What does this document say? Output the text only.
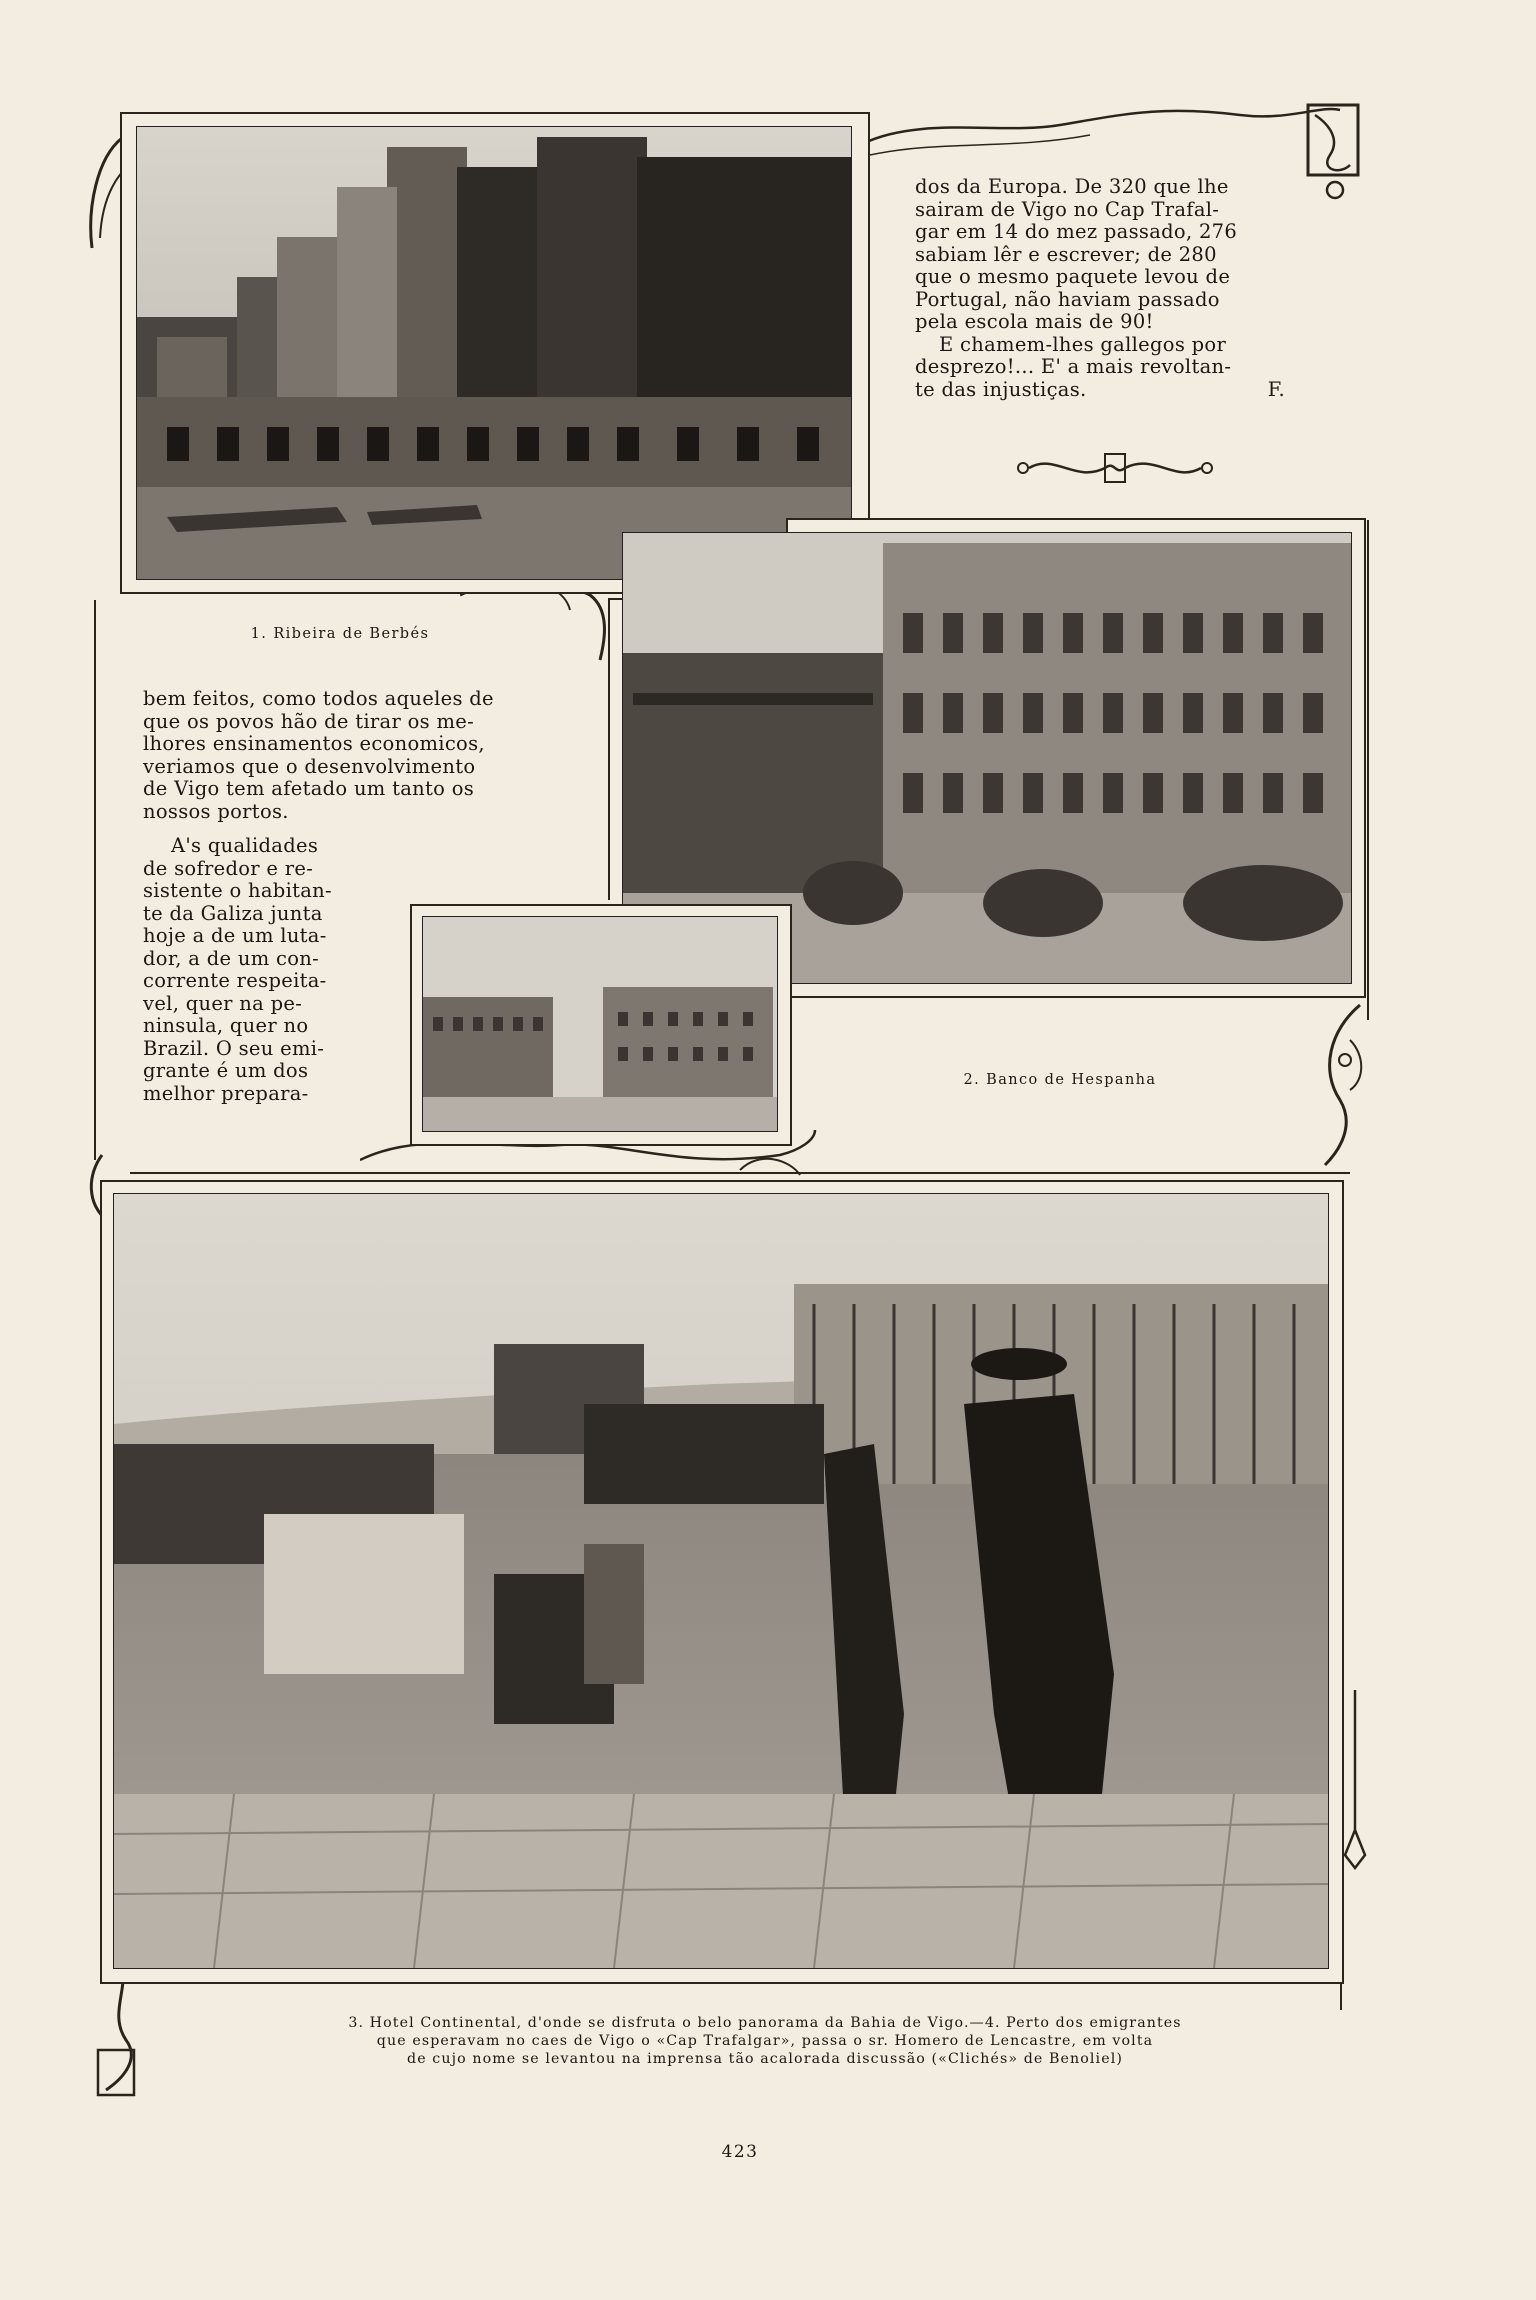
1. Ribeira de Berbés

dos da Europa. De 320 que lhe

sairam de Vigo no Cap Trafal-

gar em 14 do mez passado, 276

sabiam lêr e escrever; de 280

que o mesmo paquete levou de

Portugal, não haviam passado

pela escola mais de 90!

E chamem-lhes gallegos por

desprezo!... E' a mais revoltan-

te das injustiças.	F.
2. Banco de Hespanha

bem feitos, como todos aqueles de

que os povos hão de tirar os me-

lhores ensinamentos economicos,

veriamos que o desenvolvimento

de Vigo tem afetado um tanto os

nossos portos.

A's qualidades

de sofredor e re-

sistente o habitan-

te da Galiza junta

hoje a de um luta-

dor, a de um con-

corrente respeita-

vel, quer na pe-

ninsula, quer no

Brazil. O seu emi-

grante é um dos

melhor prepara-

3. Hotel Continental, d'onde se disfruta o belo panorama da Bahia de Vigo.—4. Perto dos emigrantes
que esperavam no caes de Vigo o «Cap Trafalgar», passa o sr. Homero de Lencastre, em volta
de cujo nome se levantou na imprensa tão acalorada discussão («Clichés» de Benoliel)
423
